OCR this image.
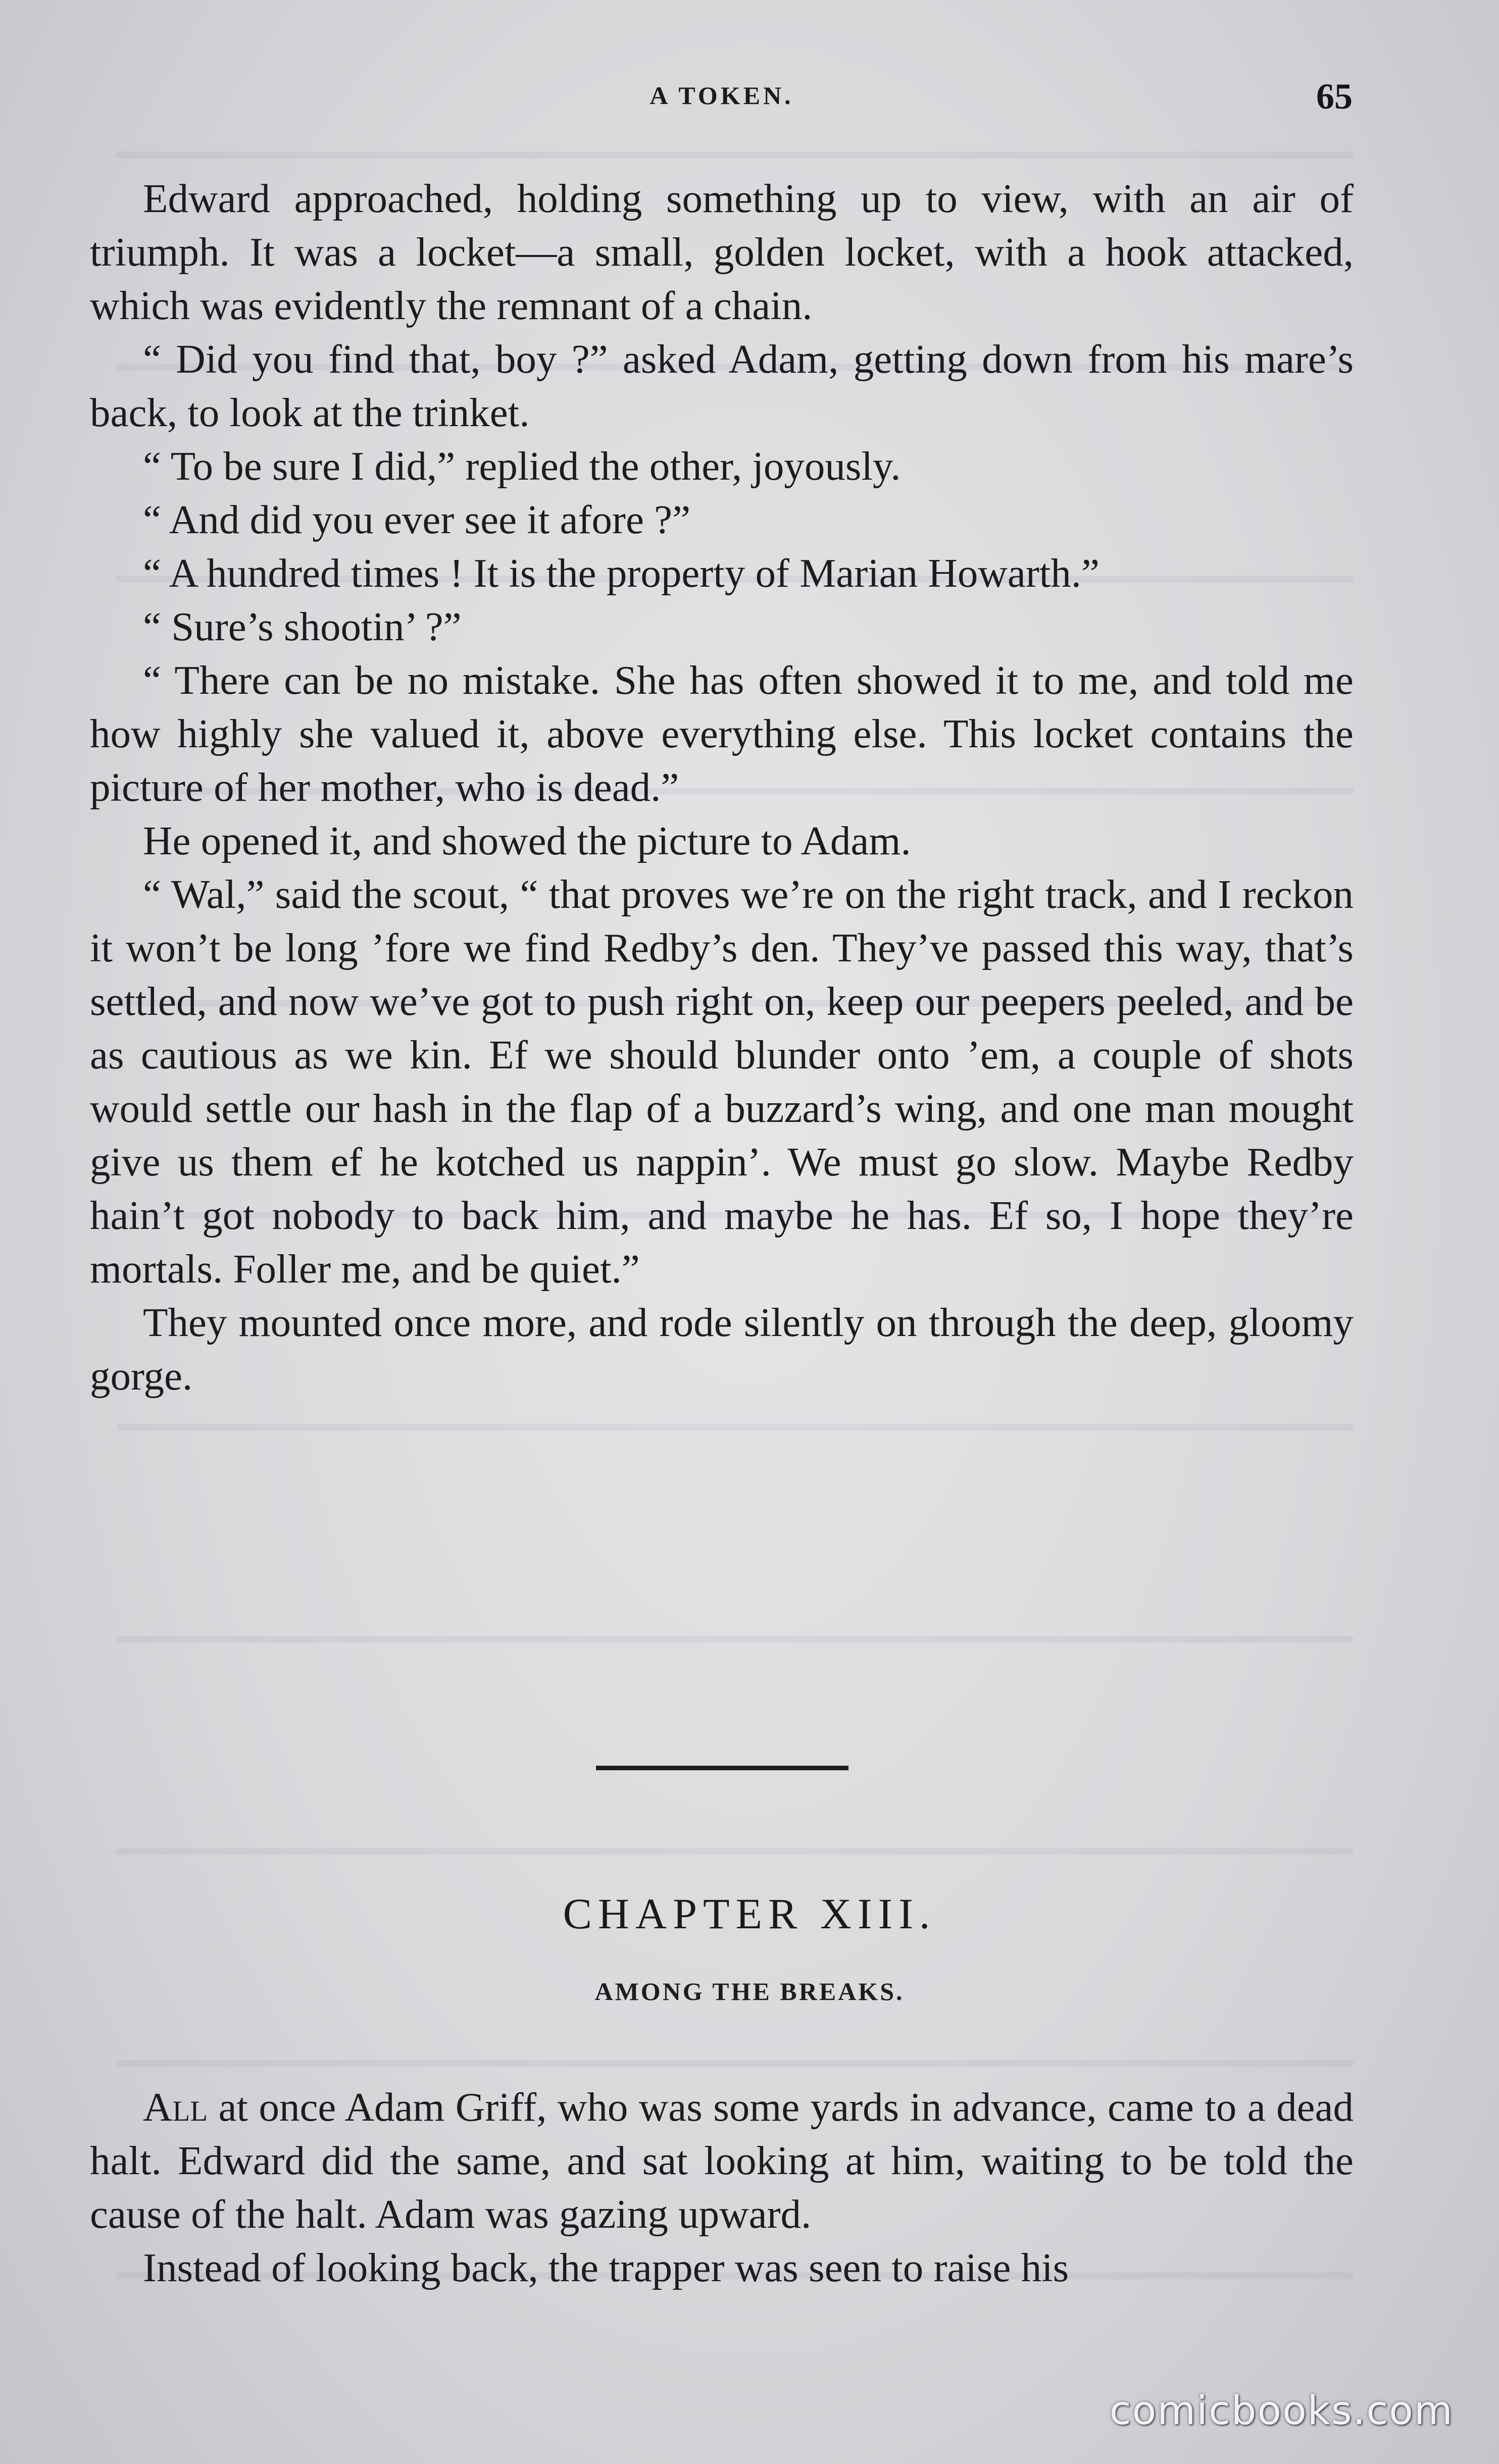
A TOKEN.	65

Edward approached, holding something up to view, with an air of triumph. It was a locket—a small, golden locket, with a hook attacked, which was evidently the remnant of a chain.

“ Did you find that, boy ?” asked Adam, getting down from his mare’s back, to look at the trinket.

“ To be sure I did,” replied the other, joyously.

“ And did you ever see it afore ?”

“ A hundred times ! It is the property of Marian Howarth.”

“ Sure’s shootin’ ?”

“ There can be no mistake. She has often showed it to me, and told me how highly she valued it, above everything else. This locket contains the picture of her mother, who is dead.”

He opened it, and showed the picture to Adam.

“ Wal,” said the scout, “ that proves we’re on the right track, and I reckon it won’t be long ’fore we find Redby’s den. They’ve passed this way, that’s settled, and now we’ve got to push right on, keep our peepers peeled, and be as cautious as we kin. Ef we should blunder onto ’em, a couple of shots would settle our hash in the flap of a buzzard’s wing, and one man mought give us them ef he kotched us nappin’. We must go slow. Maybe Redby hain’t got nobody to back him, and maybe he has. Ef so, I hope they’re mortals. Foller me, and be quiet.”

They mounted once more, and rode silently on through the deep, gloomy gorge.

CHAPTER XIII.
AMONG THE BREAKS.

All at once Adam Griff, who was some yards in advance, came to a dead halt. Edward did the same, and sat looking at him, waiting to be told the cause of the halt. Adam was gazing upward.

Instead of looking back, the trapper was seen to raise his

comicbooks.com
